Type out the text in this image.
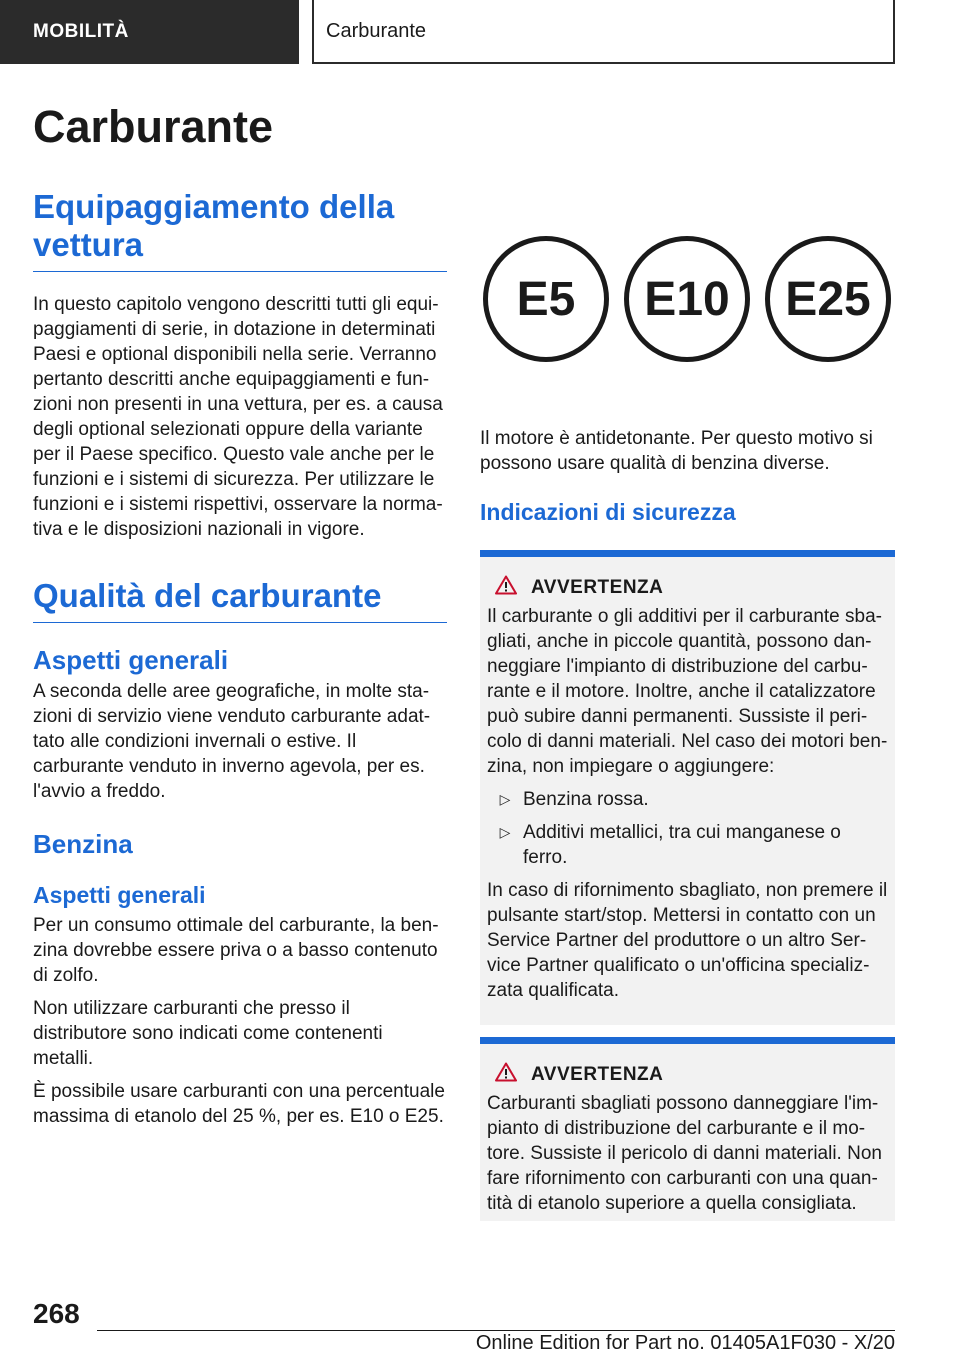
MOBILITÀ	Carburante
Carburante
Equipaggiamento della vettura

In questo capitolo vengono descritti tutti gli equipaggiamenti di serie, in dotazione in determinati Paesi e optional disponibili nella serie. Verranno pertanto descritti anche equipaggiamenti e funzioni non presenti in una vettura, per es. a causa degli optional selezionati oppure della variante per il Paese specifico. Questo vale anche per le funzioni e i sistemi di sicurezza. Per utilizzare le funzioni e i sistemi rispettivi, osservare la normativa e le disposizioni nazionali in vigore.

Qualità del carburante
Aspetti generali

A seconda delle aree geografiche, in molte stazioni di servizio viene venduto carburante adattato alle condizioni invernali o estive. Il carburante venduto in inverno agevola, per es. l'avvio a freddo.

Benzina
Aspetti generali

Per un consumo ottimale del carburante, la benzina dovrebbe essere priva o a basso contenuto di zolfo.

Non utilizzare carburanti che presso il distributore sono indicati come contenenti metalli.

È possibile usare carburanti con una percentuale massima di etanolo del 25 %, per es. E10 o E25.

E5	E10	E25

Il motore è antidetonante. Per questo motivo si possono usare qualità di benzina diverse.

Indicazioni di sicurezza
AVVERTENZA

Il carburante o gli additivi per il carburante sbagliati, anche in piccole quantità, possono danneggiare l'impianto di distribuzione del carburante e il motore. Inoltre, anche il catalizzatore può subire danni permanenti. Sussiste il pericolo di danni materiali. Nel caso dei motori benzina, non impiegare o aggiungere:

▷ Benzina rossa.
▷ Additivi metallici, tra cui manganese o ferro.

In caso di rifornimento sbagliato, non premere il pulsante start/stop. Mettersi in contatto con un Service Partner del produttore o un altro Service Partner qualificato o un'officina specializzata qualificata.

AVVERTENZA

Carburanti sbagliati possono danneggiare l'impianto di distribuzione del carburante e il motore. Sussiste il pericolo di danni materiali. Non fare rifornimento con carburanti con una quantità di etanolo superiore a quella consigliata.

268
Online Edition for Part no. 01405A1F030 - X/20
